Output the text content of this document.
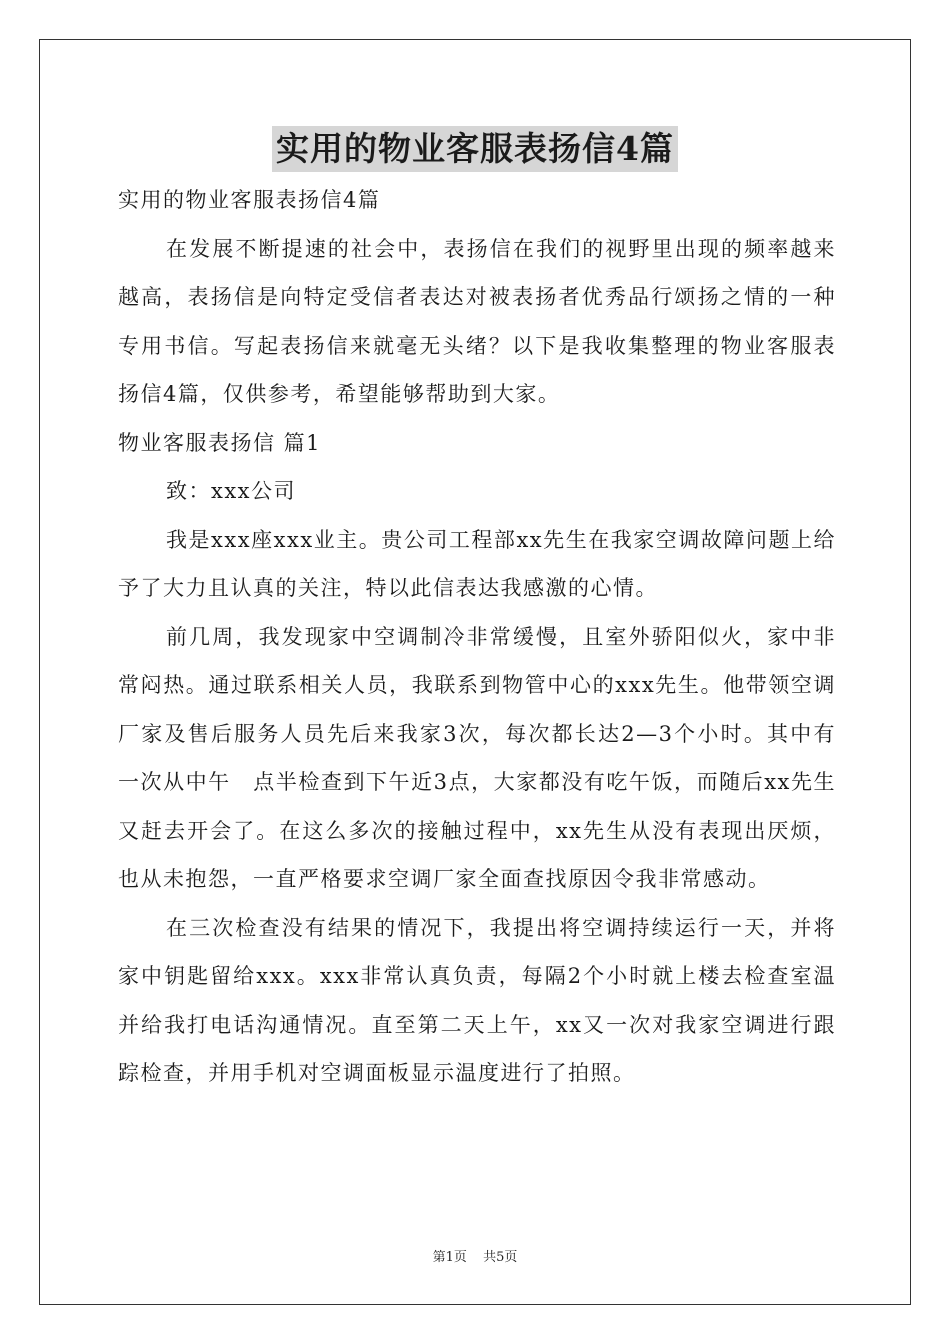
实用的物业客服表扬信4篇

实用的物业客服表扬信4篇

在发展不断提速的社会中，表扬信在我们的视野里出现的频率越来越高，表扬信是向特定受信者表达对被表扬者优秀品行颂扬之情的一种专用书信。写起表扬信来就毫无头绪？以下是我收集整理的物业客服表扬信4篇，仅供参考，希望能够帮助到大家。

物业客服表扬信 篇1

致：xxx公司

我是xxx座xxx业主。贵公司工程部xx先生在我家空调故障问题上给予了大力且认真的关注，特以此信表达我感激的心情。

前几周，我发现家中空调制冷非常缓慢，且室外骄阳似火，家中非常闷热。通过联系相关人员，我联系到物管中心的xxx先生。他带领空调厂家及售后服务人员先后来我家3次，每次都长达2—3个小时。其中有一次从中午　点半检查到下午近3点，大家都没有吃午饭，而随后xx先生又赶去开会了。在这么多次的接触过程中，xx先生从没有表现出厌烦，也从未抱怨，一直严格要求空调厂家全面查找原因令我非常感动。

在三次检查没有结果的情况下，我提出将空调持续运行一天，并将家中钥匙留给xxx。xxx非常认真负责，每隔2个小时就上楼去检查室温并给我打电话沟通情况。直至第二天上午，xx又一次对我家空调进行跟踪检查，并用手机对空调面板显示温度进行了拍照。

第1页 共5页
